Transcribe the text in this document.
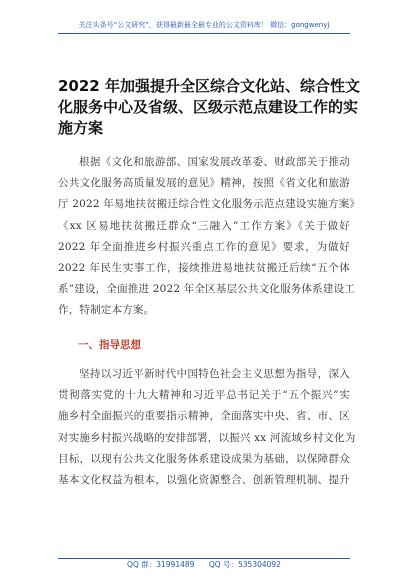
关注头条号“公文研究”，获得最新最全最专业的公文资料库！ 微信：gongwenyj
2022 年加强提升全区综合文化站、综合性文
化服务中心及省级、区级示范点建设工作的实
施方案
根据《文化和旅游部、国家发展改革委、财政部关于推动
公共文化服务高质量发展的意见》精神，按照《省文化和旅游
厅 2022 年易地扶贫搬迁综合性文化服务示范点建设实施方案》
《xx 区易地扶贫搬迁群众“三融入”工作方案》《关于做好
2022 年全面推进乡村振兴重点工作的意见》要求，为做好
2022 年民生实事工作，接续推进易地扶贫搬迁后续“五个体
系”建设，全面推进 2022 年全区基层公共文化服务体系建设工
作，特制定本方案。
一、指导思想
坚持以习近平新时代中国特色社会主义思想为指导，深入
贯彻落实党的十九大精神和习近平总书记关于“五个振兴”实
施乡村全面振兴的重要指示精神，全面落实中央、省、市、区
对实施乡村振兴战略的安排部署，以振兴 xx 河流域乡村文化为
目标，以现有公共文化服务体系建设成果为基础，以保障群众
基本文化权益为根本，以强化资源整合、创新管理机制、提升
QQ 群：31991489 QQ 号：535304092
